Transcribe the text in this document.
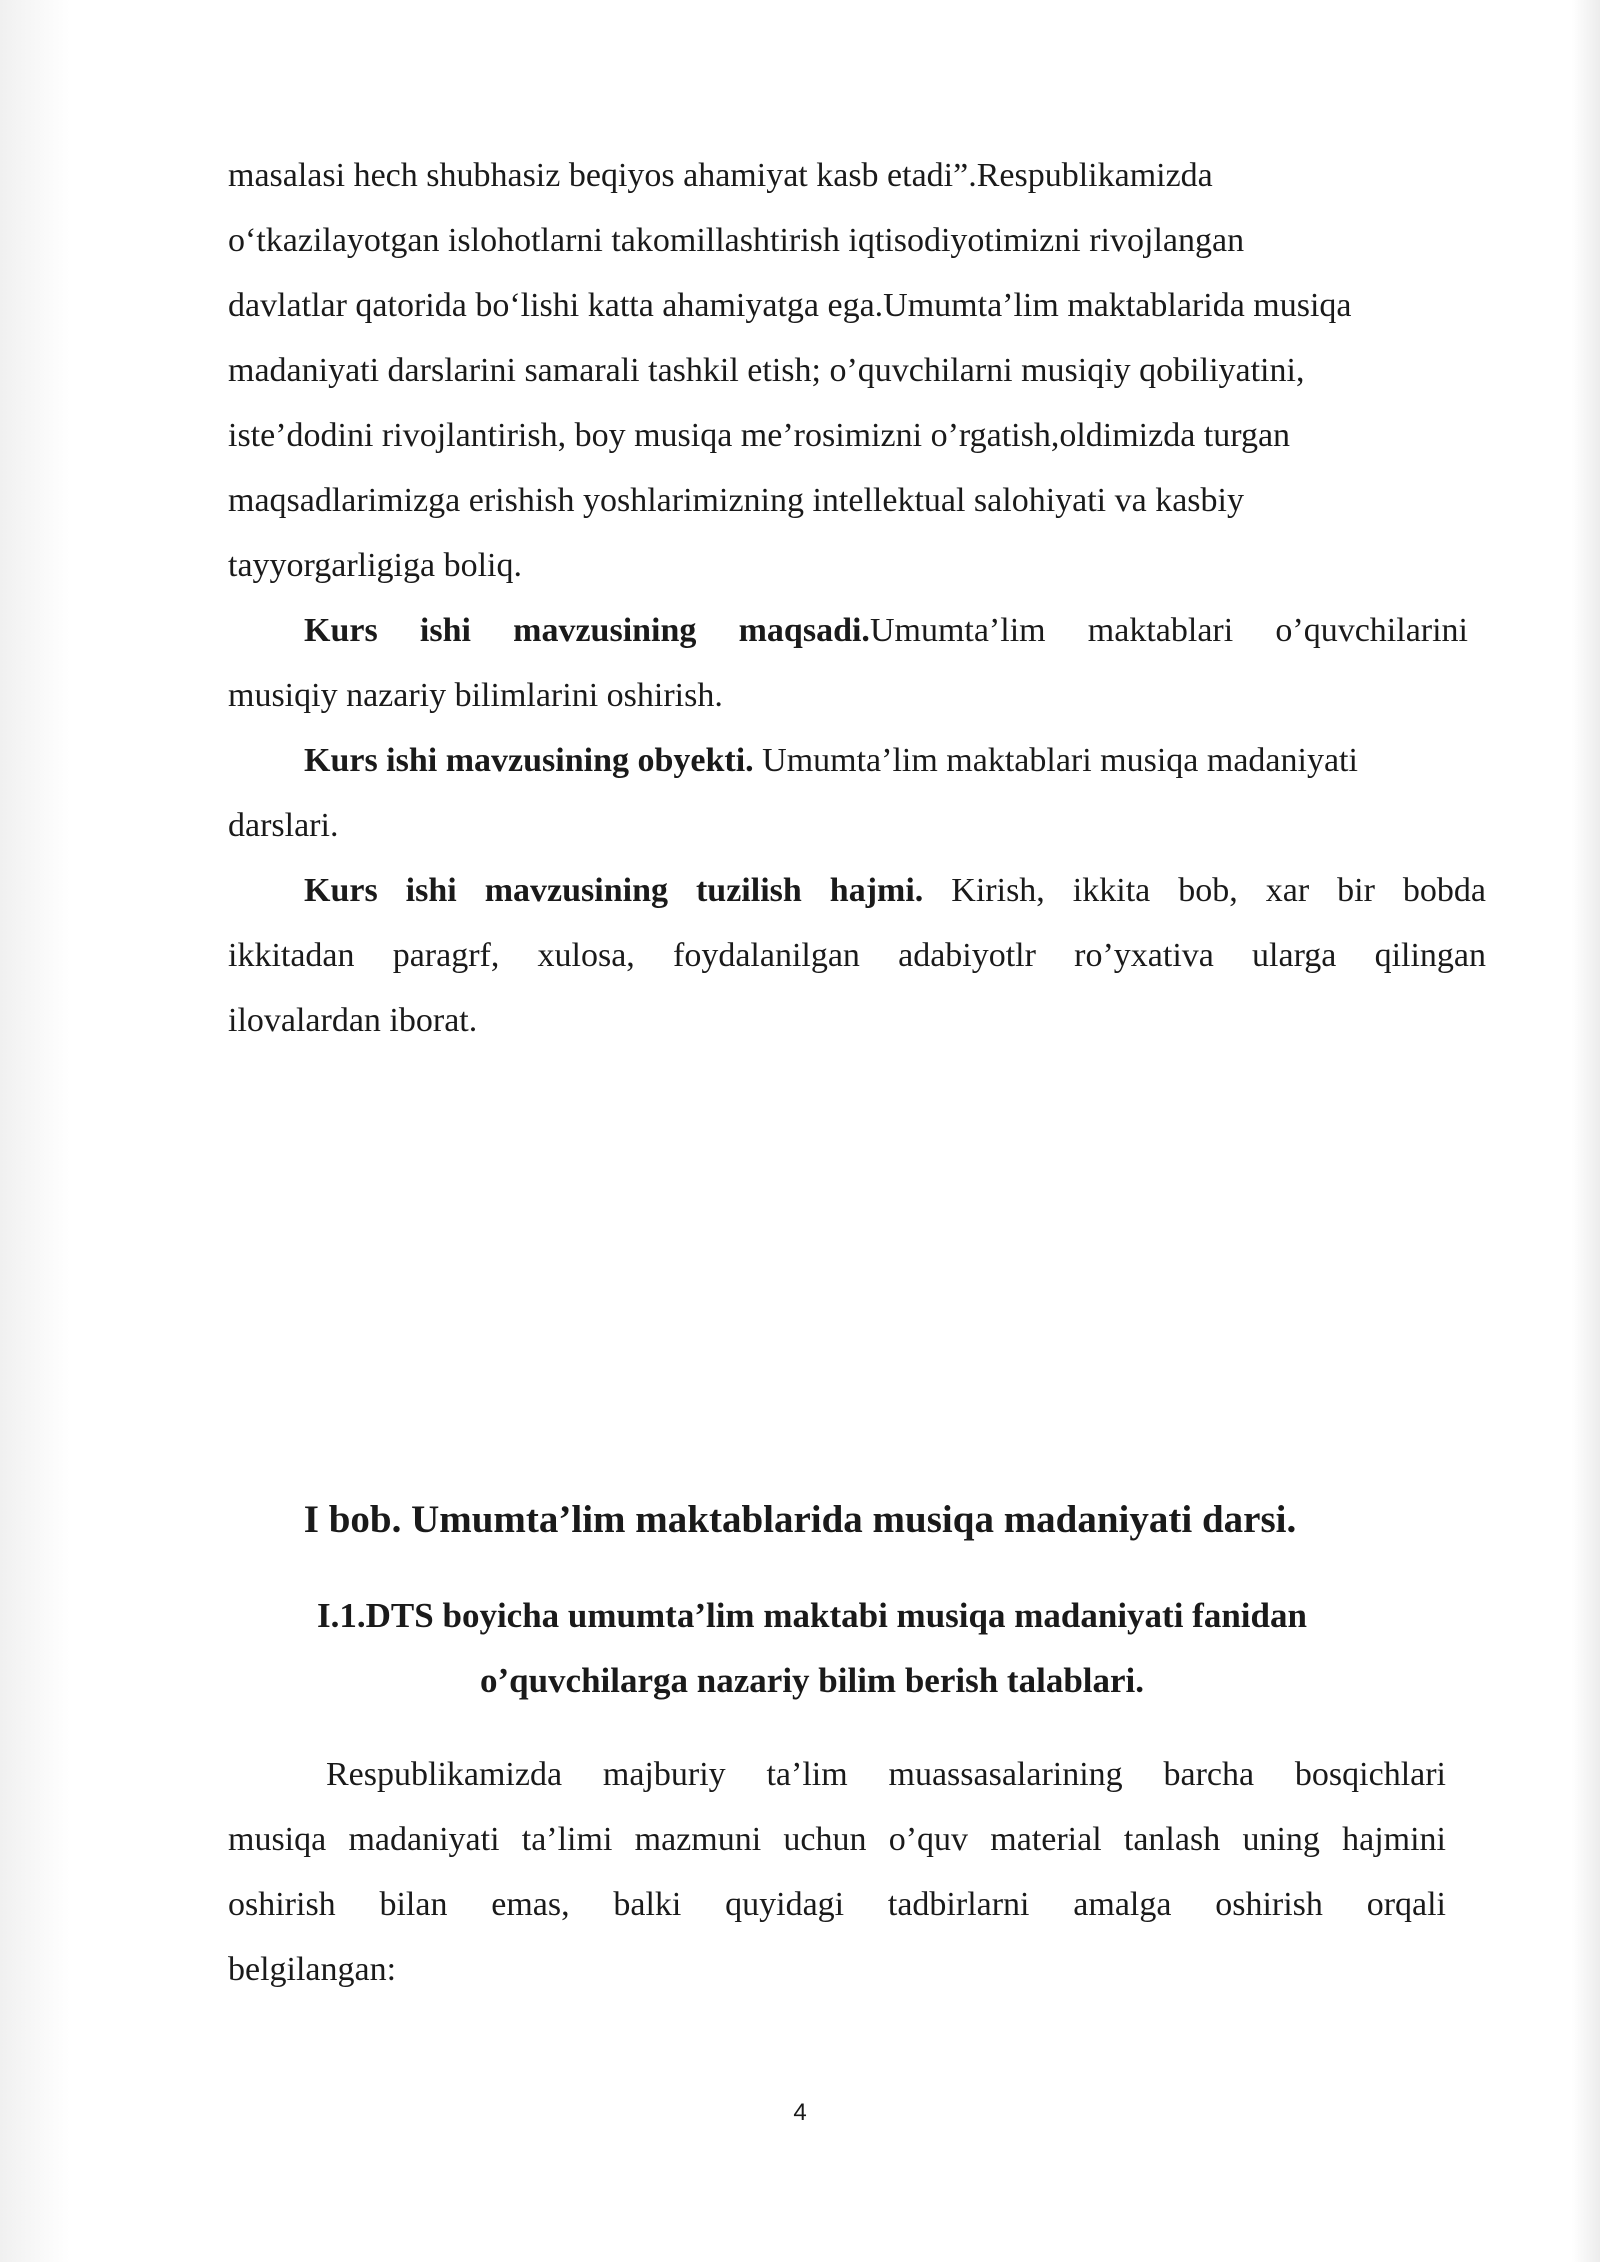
masalasi hech shubhasiz beqiyos ahamiyat kasb etadi”.Respublikamizda
o‘tkazilayotgan islohotlarni takomillashtirish iqtisodiyotimizni rivojlangan
davlatlar qatorida bo‘lishi katta ahamiyatga ega.Umumta’lim maktablarida musiqa
madaniyati darslarini samarali tashkil etish; o’quvchilarni musiqiy qobiliyatini,
iste’dodini rivojlantirish, boy musiqa me’rosimizni o’rgatish,oldimizda turgan
maqsadlarimizga erishish yoshlarimizning intellektual salohiyati va kasbiy
tayyorgarligiga boliq.
Kurs ishi mavzusining maqsadi.Umumta’lim maktablari o’quvchilarini
musiqiy nazariy bilimlarini oshirish.
Kurs ishi mavzusining obyekti. Umumta’lim maktablari musiqa madaniyati
darslari.
Kurs ishi mavzusining tuzilish hajmi. Kirish, ikkita bob, xar bir bobda
ikkitadan paragrf, xulosa, foydalanilgan adabiyotlr ro’yxativa ularga qilingan
ilovalardan iborat.
I bob. Umumta’lim maktablarida musiqa madaniyati darsi.
I.1.DTS boyicha umumta’lim maktabi musiqa madaniyati fanidan
o’quvchilarga nazariy bilim berish talablari.
Respublikamizda majburiy ta’lim muassasalarining barcha bosqichlari
musiqa madaniyati ta’limi mazmuni uchun o’quv material tanlash uning hajmini
oshirish bilan emas, balki quyidagi tadbirlarni amalga oshirish orqali
belgilangan:
4
